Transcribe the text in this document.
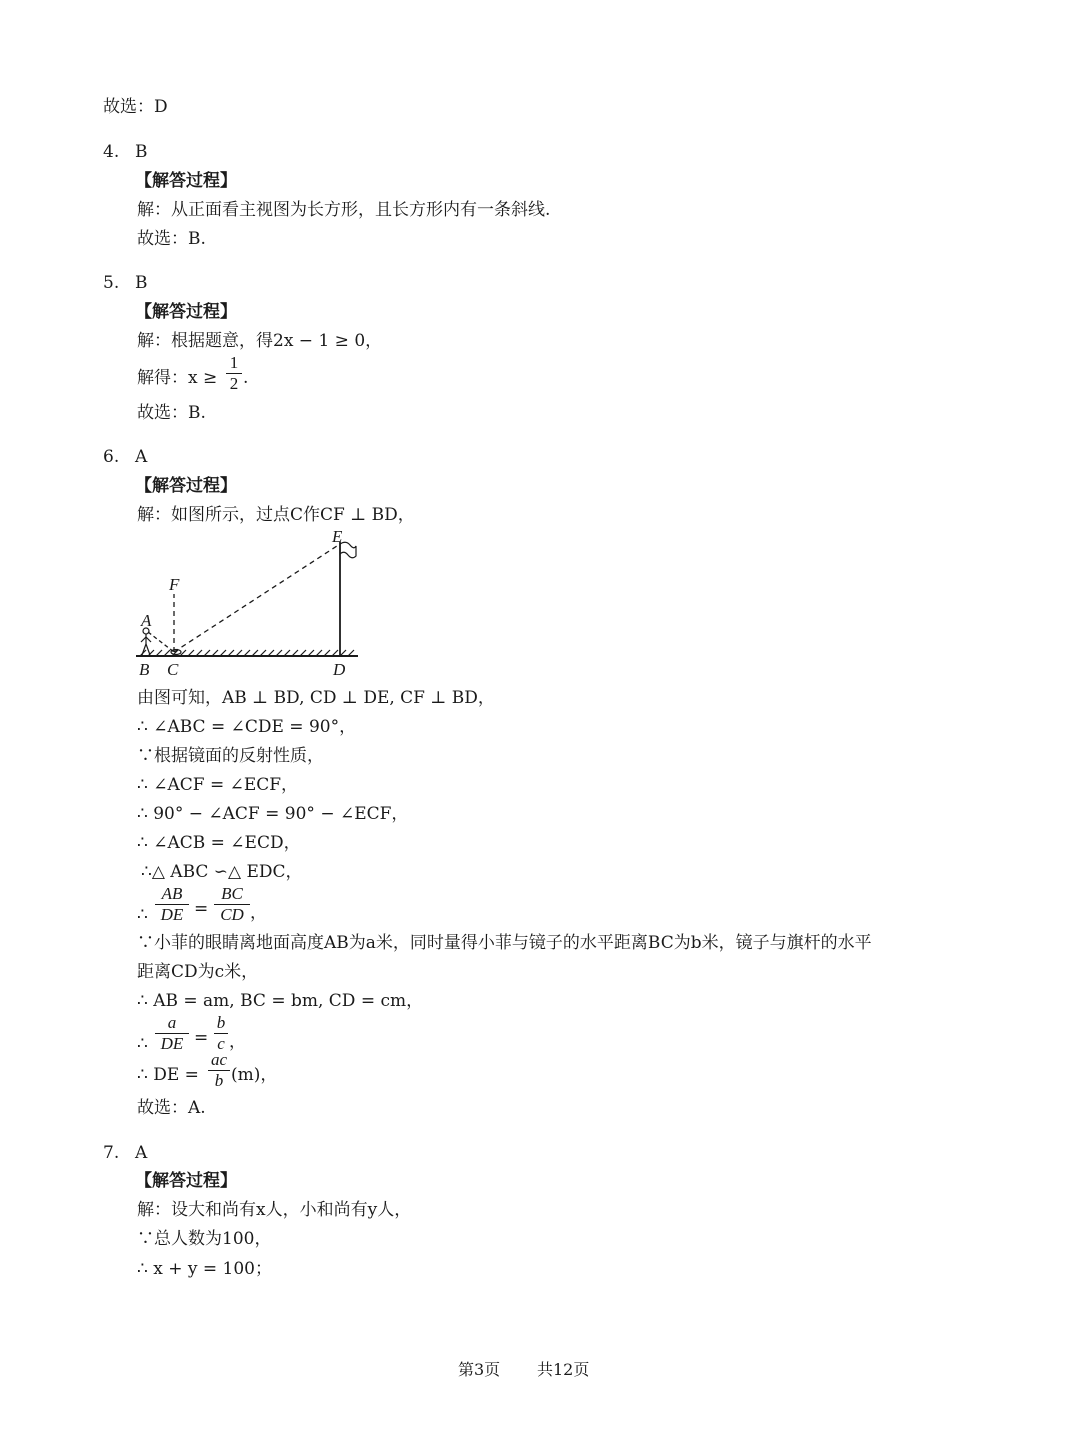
故选：D
4. B
【解答过程】
解：从正面看主视图为长方形，且长方形内有一条斜线.
故选：B.
5. B
【解答过程】
解：根据题意，得2x − 1 ≥ 0，
解得：x ≥
1
2 .
故选：B.
6. A
【解答过程】
解：如图所示，过点C作CF ⊥ BD，
E
F
A
B C	D
由图可知，AB ⊥ BD, CD ⊥ DE, CF ⊥ BD，
∴ ∠ABC = ∠CDE = 90°，
∵根据镜面的反射性质，
∴ ∠ACF = ∠ECF，
∴ 90° − ∠ACF = 90° − ∠ECF，
∴ ∠ACB = ∠ECD，
∴△ ABC ∽△ EDC，
∴
AB
DE =
BC
CD ，
∵小菲的眼睛离地面高度AB为a米，同时量得小菲与镜子的水平距离BC为b米，镜子与旗杆的水平
距离CD为c米，
∴ AB = am, BC = bm, CD = cm，
∴
a
DE =
b
c ，
∴ DE =
ac
b (m)，
故选：A.
7. A
【解答过程】
解：设大和尚有x人，小和尚有y人，
∵总人数为100，
∴ x + y = 100；
第3页 共12页
